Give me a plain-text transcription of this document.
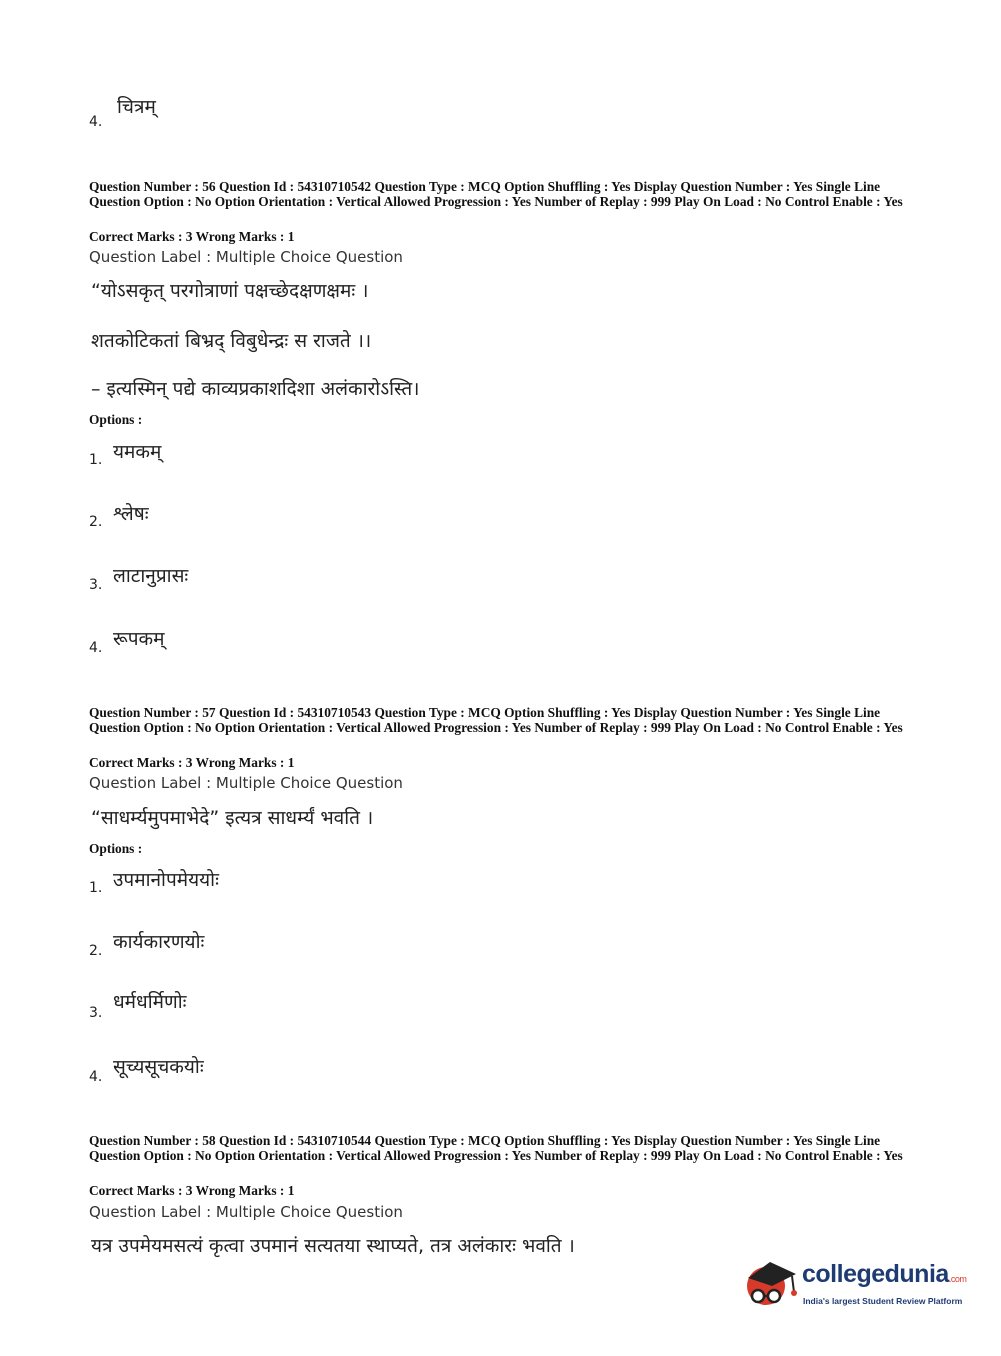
4.
चित्रम्
Question Number : 56 Question Id : 54310710542 Question Type : MCQ Option Shuffling : Yes Display Question Number : Yes Single Line Question Option : No Option Orientation : Vertical Allowed Progression : Yes Number of Replay : 999 Play On Load : No Control Enable : Yes
Correct Marks : 3 Wrong Marks : 1
Question Label : Multiple Choice Question
“योऽसकृत् परगोत्राणां पक्षच्छेदक्षणक्षमः ।
शतकोटिकतां बिभ्रद् विबुधेन्द्रः स राजते ।।
– इत्यस्मिन् पद्ये काव्यप्रकाशदिशा अलंकारोऽस्ति।
Options :
1. यमकम्
2. श्लेषः
3. लाटानुप्रासः
4. रूपकम्
Question Number : 57 Question Id : 54310710543 Question Type : MCQ Option Shuffling : Yes Display Question Number : Yes Single Line Question Option : No Option Orientation : Vertical Allowed Progression : Yes Number of Replay : 999 Play On Load : No Control Enable : Yes
Correct Marks : 3 Wrong Marks : 1
Question Label : Multiple Choice Question
“साधर्म्यमुपमाभेदे” इत्यत्र साधर्म्यं भवति ।
Options :
1. उपमानोपमेययोः
2. कार्यकारणयोः
3. धर्मधर्मिणोः
4. सूच्यसूचकयोः
Question Number : 58 Question Id : 54310710544 Question Type : MCQ Option Shuffling : Yes Display Question Number : Yes Single Line Question Option : No Option Orientation : Vertical Allowed Progression : Yes Number of Replay : 999 Play On Load : No Control Enable : Yes
Correct Marks : 3 Wrong Marks : 1
Question Label : Multiple Choice Question
यत्र उपमेयमसत्यं कृत्वा उपमानं सत्यतया स्थाप्यते, तत्र अलंकारः भवति ।
collegedunia.com
India's largest Student Review Platform
